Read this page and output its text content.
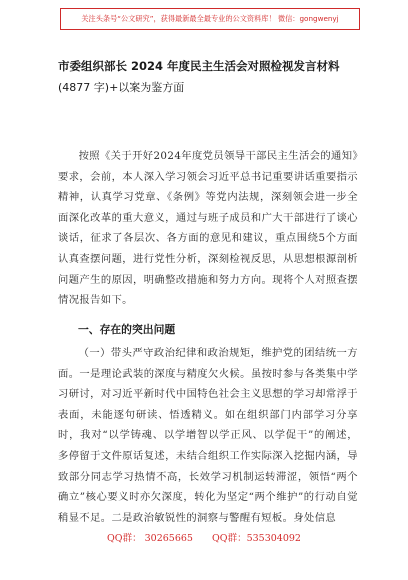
关注头条号“公文研究”，获得最新最全最专业的公文资料库！ 微信：gongwenyj
市委组织部长 2024 年度民主生活会对照检视发言材料
(4877 字)+以案为鉴方面

按照《关于开好2024年度党员领导干部民主生活会的通知》要求，会前，本人深入学习领会习近平总书记重要讲话重要指示精神，认真学习党章、《条例》等党内法规，深刻领会进一步全面深化改革的重大意义，通过与班子成员和广大干部进行了谈心谈话，征求了各层次、各方面的意见和建议，重点围绕5个方面认真查摆问题，进行党性分析，深刻检视反思，从思想根源剖析问题产生的原因，明确整改措施和努力方向。现将个人对照查摆情况报告如下。

一、存在的突出问题

（一）带头严守政治纪律和政治规矩，维护党的团结统一方面。一是理论武装的深度与精度欠火候。虽按时参与各类集中学习研讨，对习近平新时代中国特色社会主义思想的学习却常浮于表面，未能逐句研读、悟透精义。如在组织部门内部学习分享时，我对“以学铸魂、以学增智以学正风、以学促干”的阐述，多停留于文件原话复述，未结合组织工作实际深入挖掘内涵，导致部分同志学习热情不高，长效学习机制运转滞涩，领悟“两个确立”核心要义时亦欠深度，转化为坚定“两个维护”的行动自觉稍显不足。二是政治敏锐性的洞察与警醒有短板。身处信息

QQ群： 30265665 QQ群：535304092
